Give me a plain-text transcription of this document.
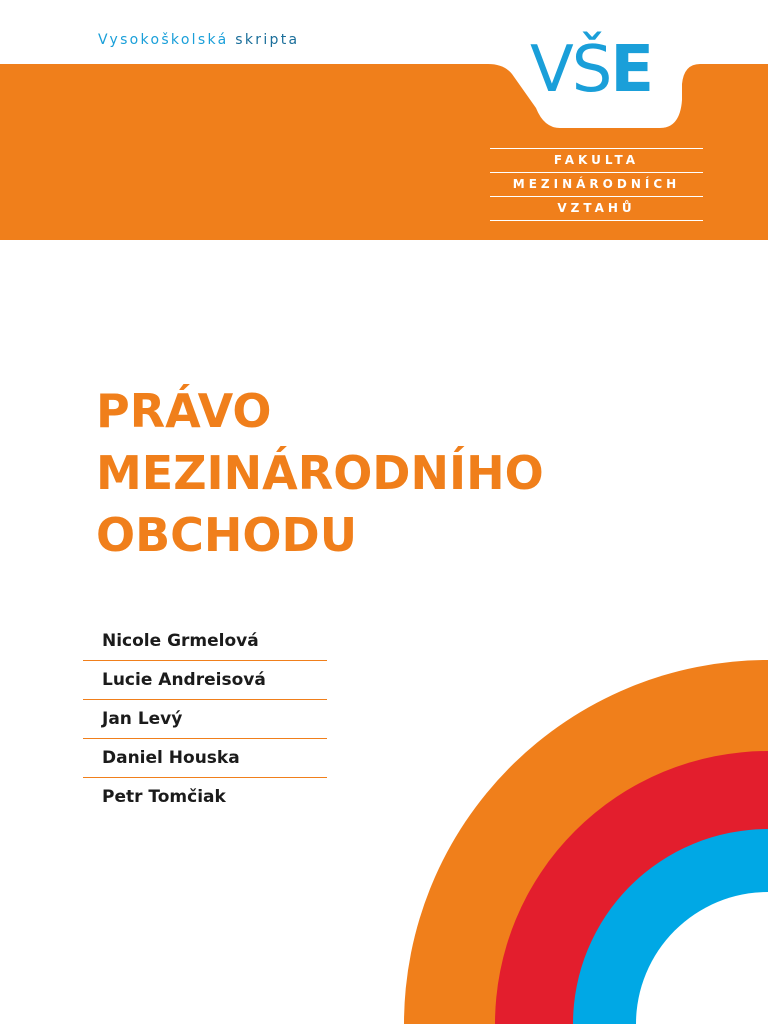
Vysokoškolská skripta	VŠE
FAKULTA
MEZINÁRODNÍCH
VZTAHŮ
PRÁVO
MEZINÁRODNÍHO
OBCHODU
Nicole Grmelová
Lucie Andreisová
Jan Levý
Daniel Houska
Petr Tomčiak
